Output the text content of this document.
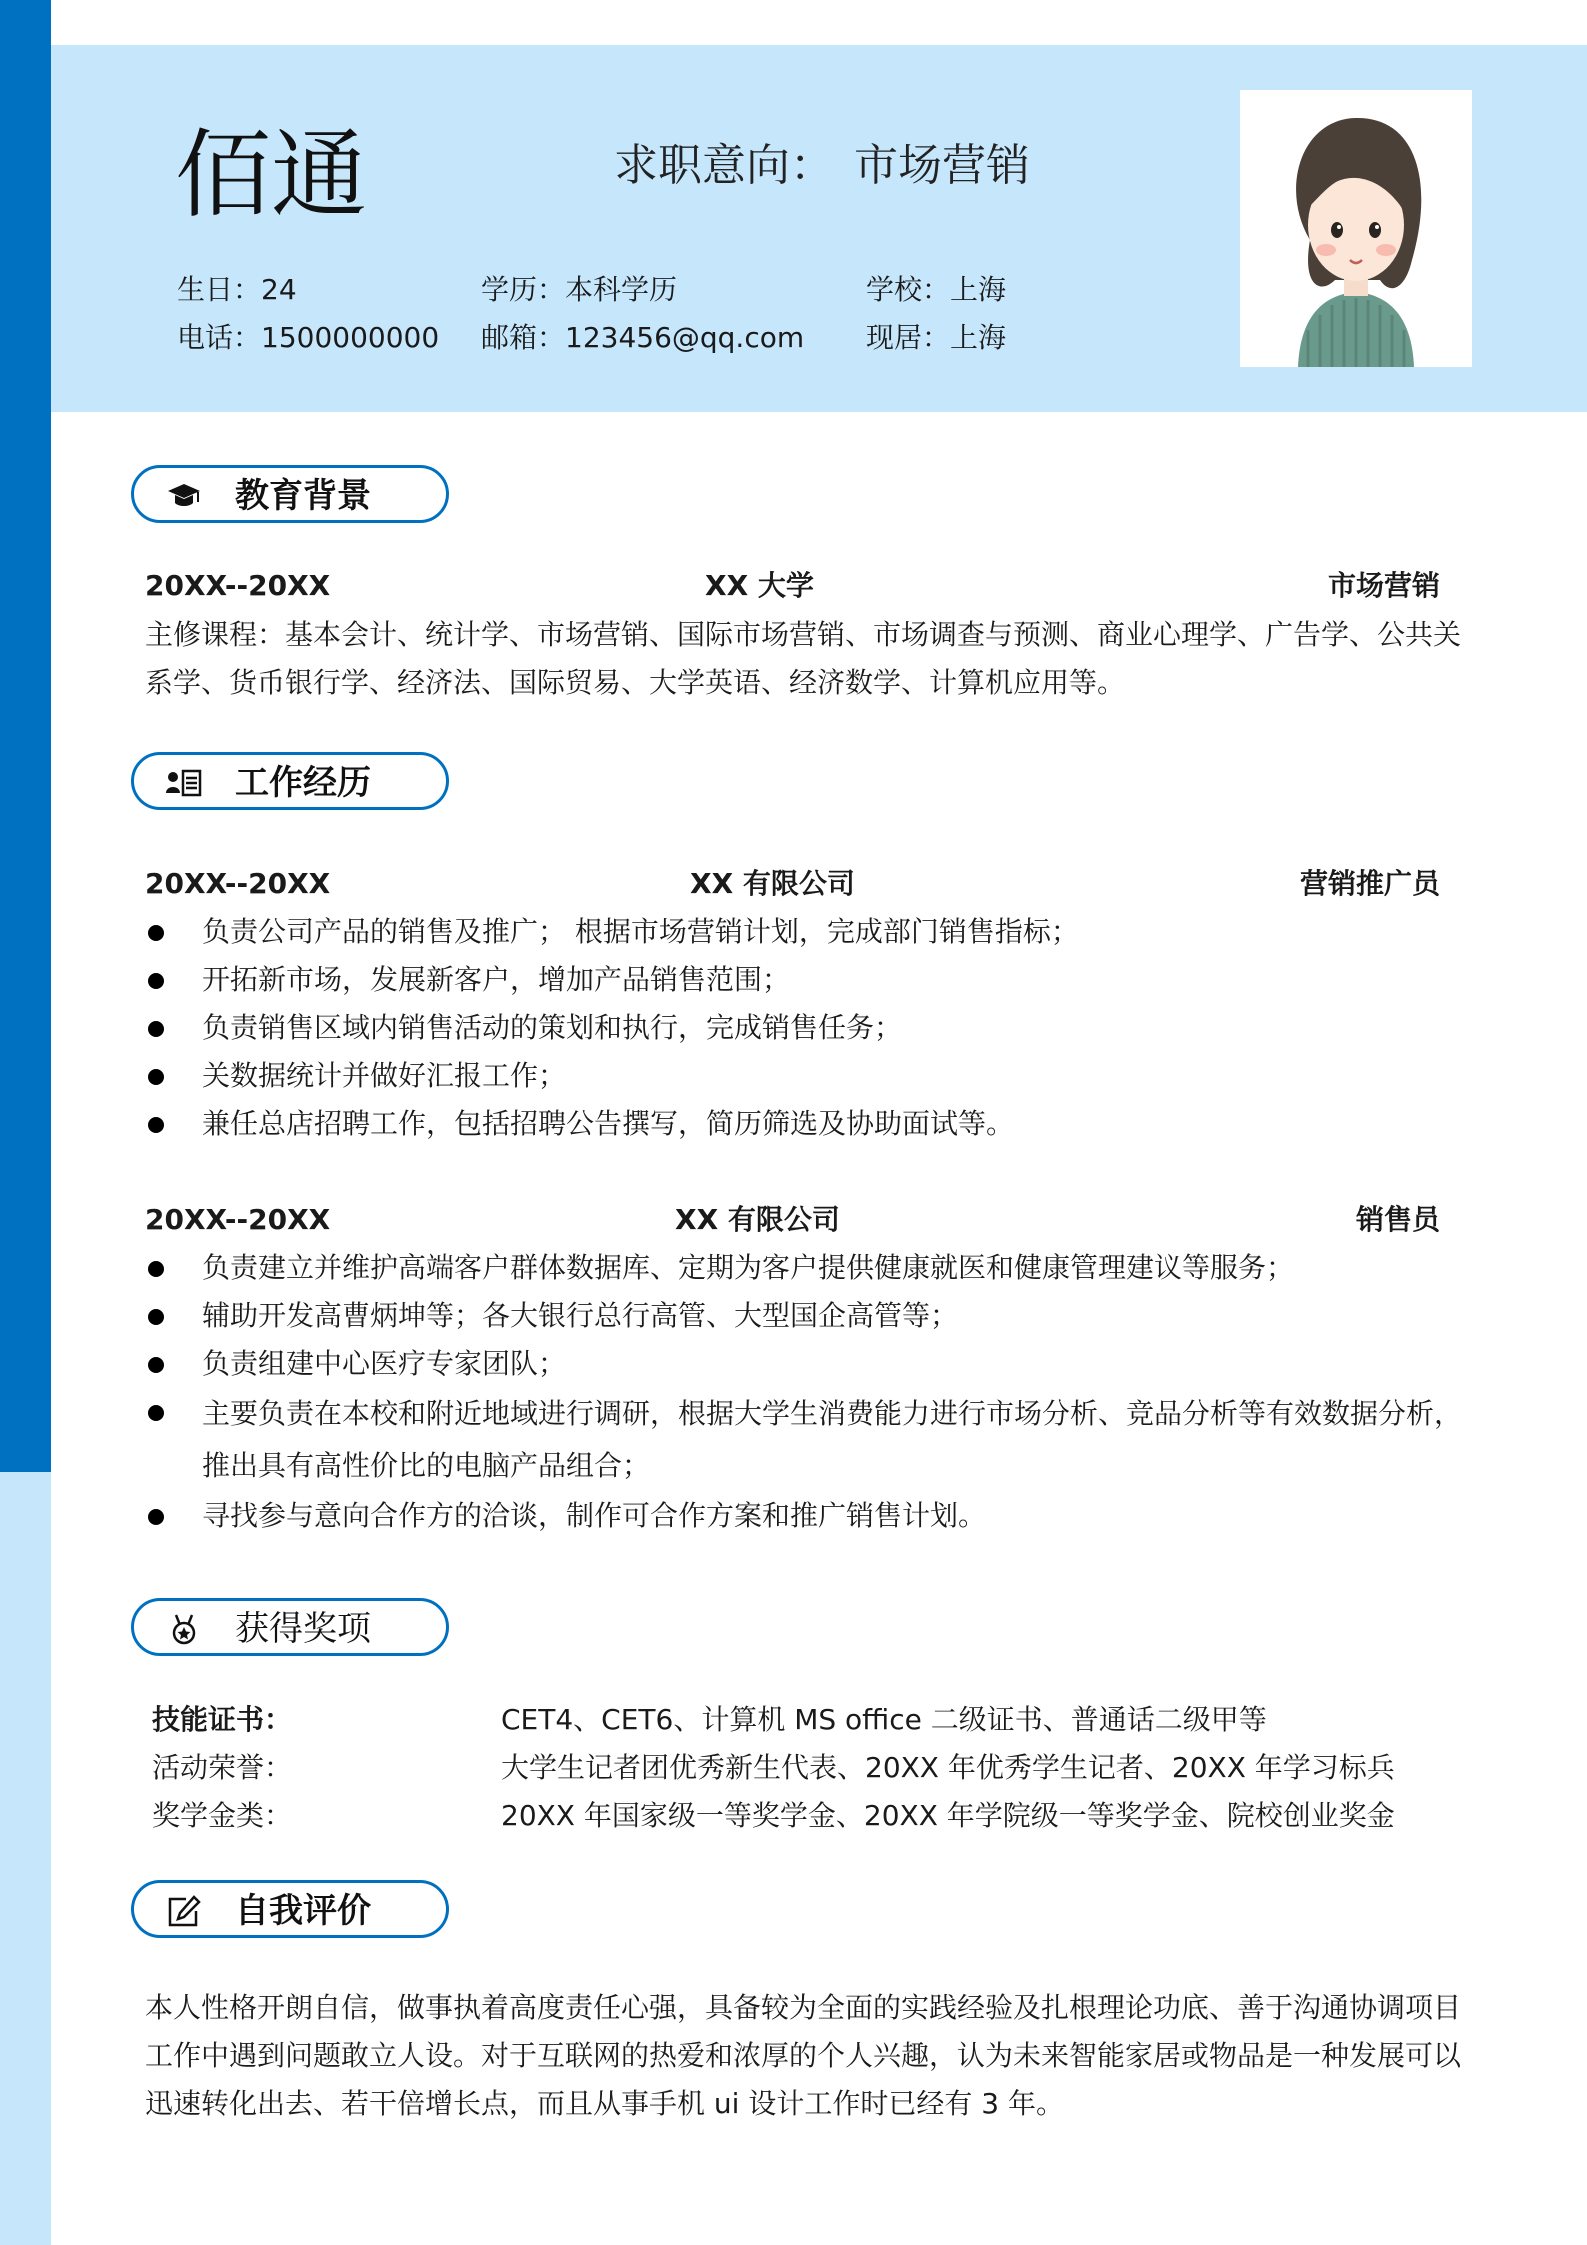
佰通	求职意向： 市场营销
生日：24	学历：本科学历	学校：上海
电话：1500000000 邮箱：123456@qq.com 现居：上海
教育背景
20XX--20XX	XX 大学	市场营销
主修课程：基本会计、统计学、市场营销、国际市场营销、市场调查与预测、商业心理学、广告学、公共关系学、货币银行学、经济法、国际贸易、大学英语、经济数学、计算机应用等。
工作经历
20XX--20XX	XX 有限公司	营销推广员
负责公司产品的销售及推广； 根据市场营销计划，完成部门销售指标；
开拓新市场，发展新客户，增加产品销售范围；
负责销售区域内销售活动的策划和执行，完成销售任务；
关数据统计并做好汇报工作；
兼任总店招聘工作，包括招聘公告撰写，简历筛选及协助面试等。
20XX--20XX	XX 有限公司	销售员
负责建立并维护高端客户群体数据库、定期为客户提供健康就医和健康管理建议等服务；
辅助开发高曹炳坤等；各大银行总行高管、大型国企高管等；
负责组建中心医疗专家团队；
主要负责在本校和附近地域进行调研，根据大学生消费能力进行市场分析、竞品分析等有效数据分析，推出具有高性价比的电脑产品组合；
寻找参与意向合作方的洽谈，制作可合作方案和推广销售计划。
获得奖项
技能证书：	CET4、CET6、计算机 MS office 二级证书、普通话二级甲等
活动荣誉：	大学生记者团优秀新生代表、20XX 年优秀学生记者、20XX 年学习标兵
奖学金类：	20XX 年国家级一等奖学金、20XX 年学院级一等奖学金、院校创业奖金
自我评价
本人性格开朗自信，做事执着高度责任心强，具备较为全面的实践经验及扎根理论功底、善于沟通协调项目工作中遇到问题敢立人设。对于互联网的热爱和浓厚的个人兴趣，认为未来智能家居或物品是一种发展可以迅速转化出去、若干倍增长点，而且从事手机 ui 设计工作时已经有 3 年。
